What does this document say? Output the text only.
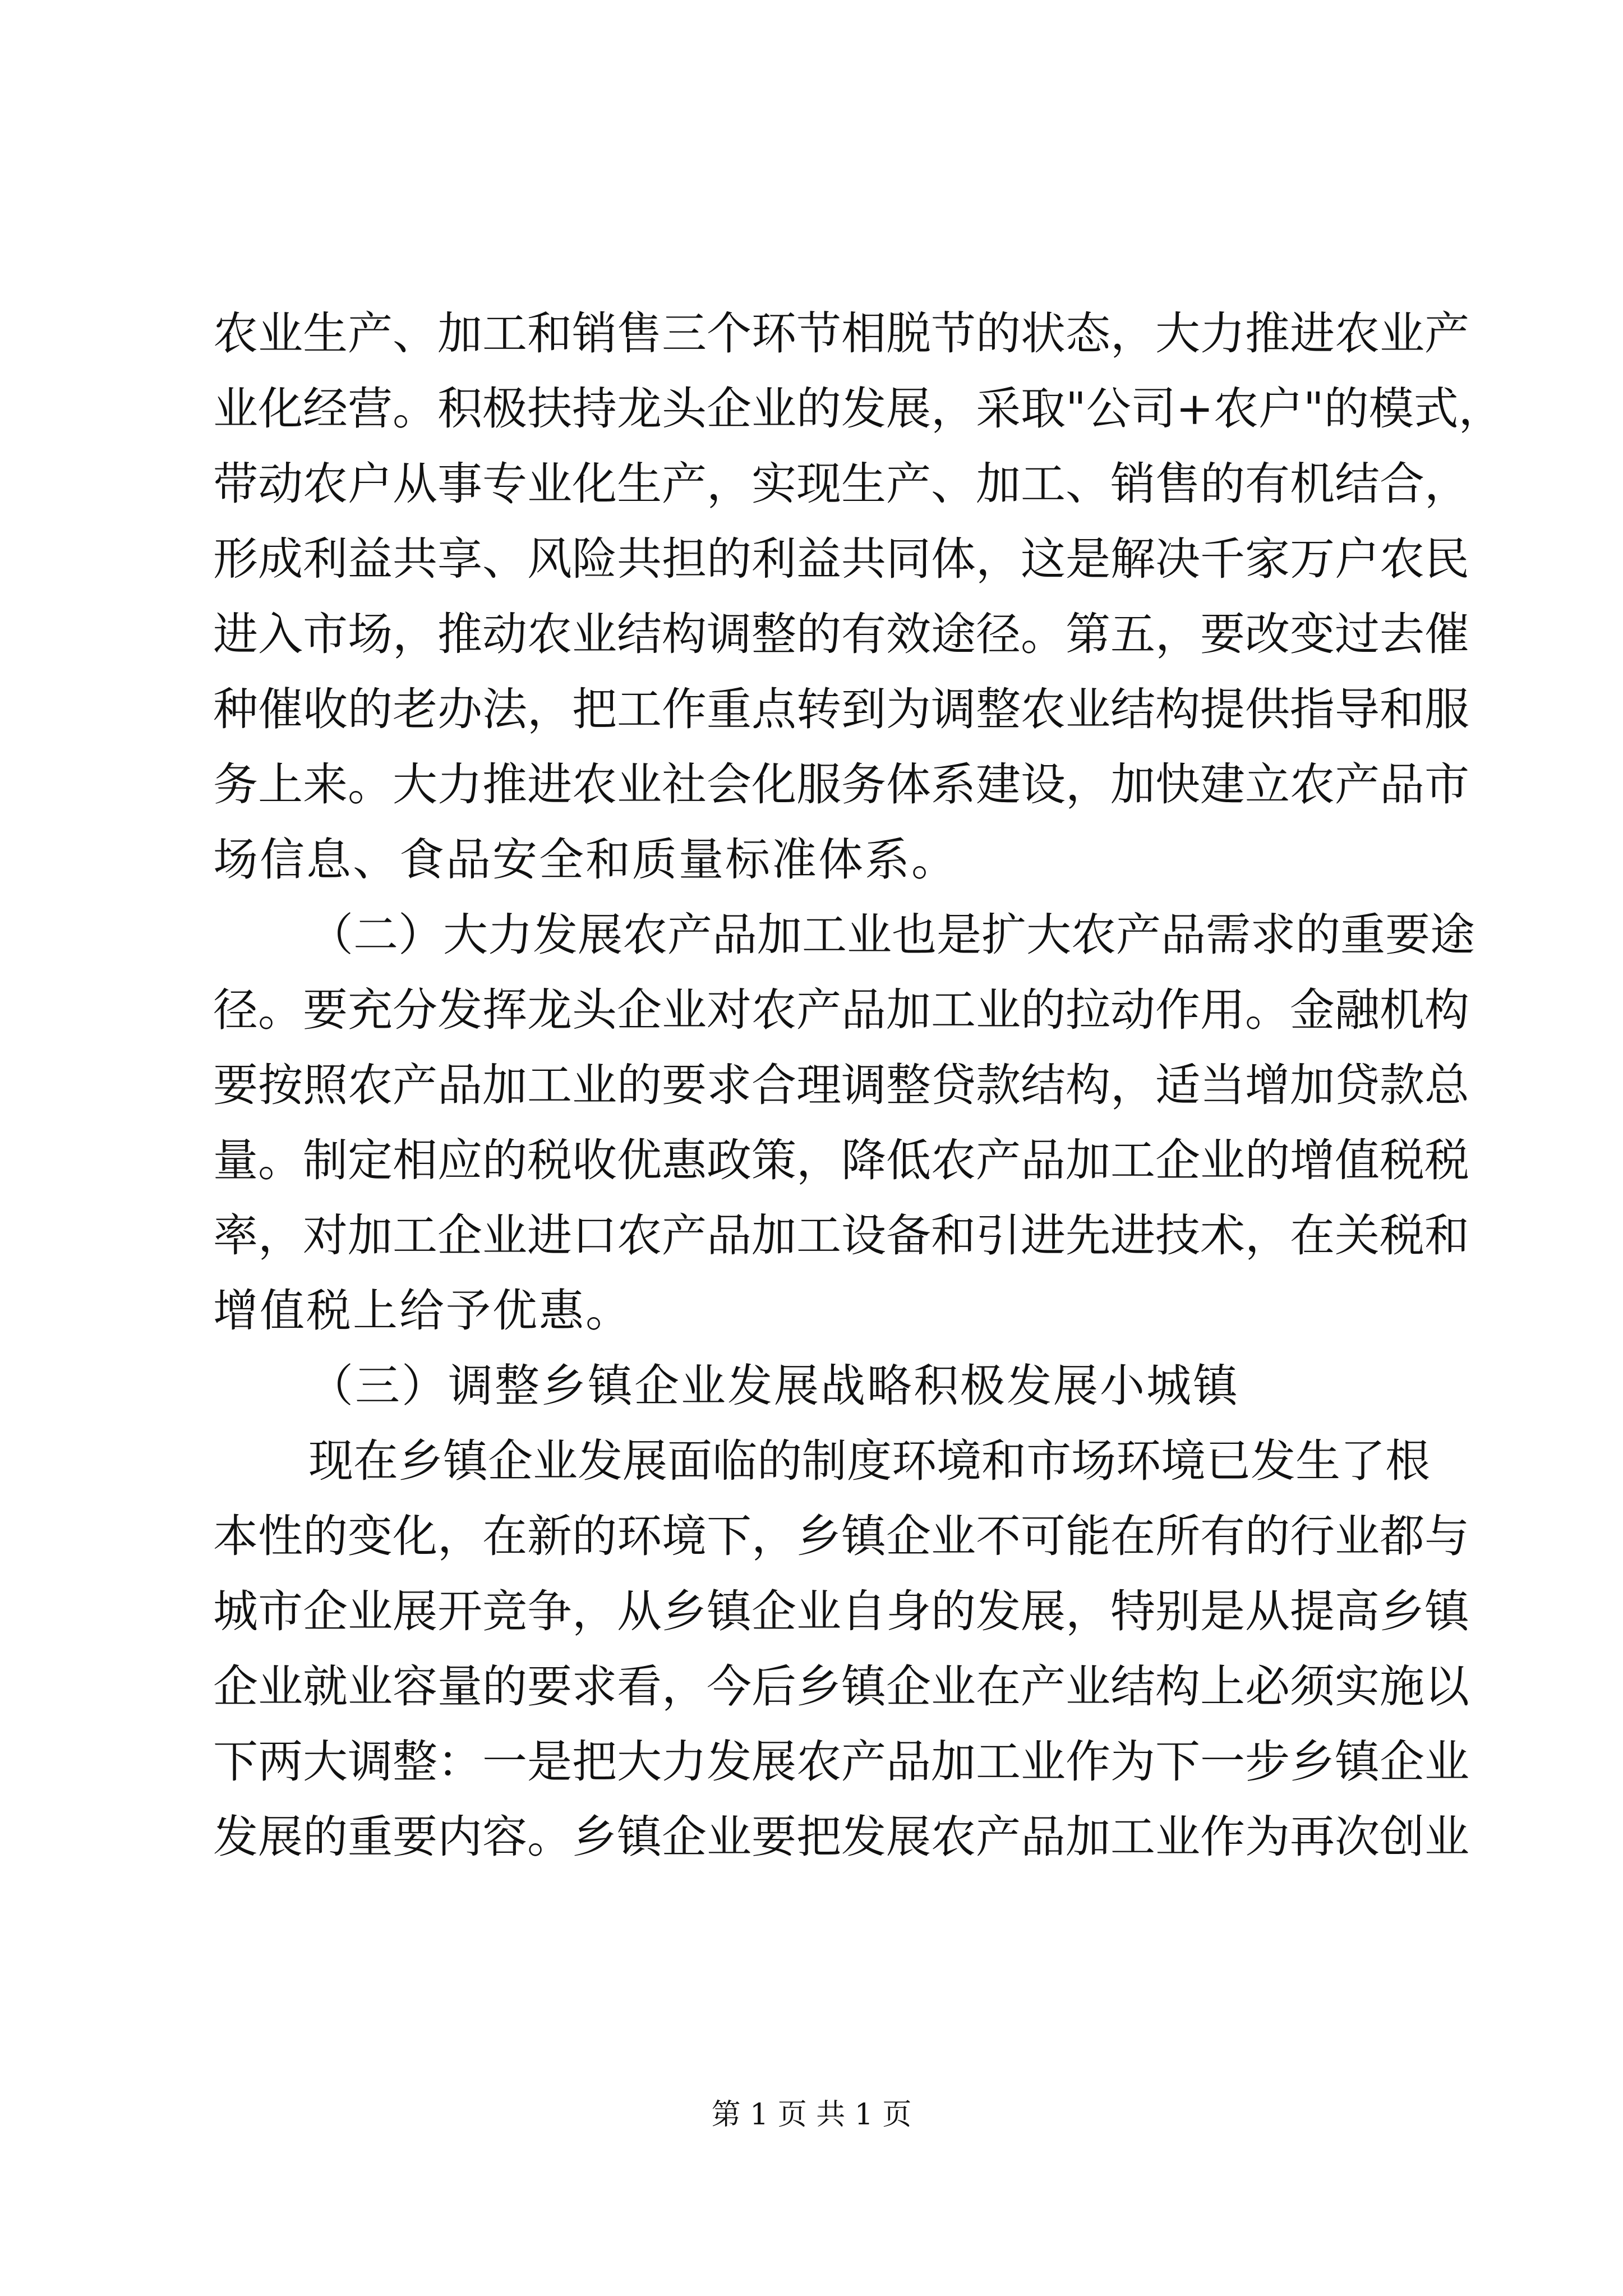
农业生产、加工和销售三个环节相脱节的状态，大力推进农业产
业化经营。积极扶持龙头企业的发展，采取"公司+农户"的模式，
带动农户从事专业化生产，实现生产、加工、销售的有机结合，
形成利益共享、风险共担的利益共同体，这是解决千家万户农民
进入市场，推动农业结构调整的有效途径。第五，要改变过去催
种催收的老办法，把工作重点转到为调整农业结构提供指导和服
务上来。大力推进农业社会化服务体系建设，加快建立农产品市
场信息、食品安全和质量标准体系。
（二）大力发展农产品加工业也是扩大农产品需求的重要途
径。要充分发挥龙头企业对农产品加工业的拉动作用。金融机构
要按照农产品加工业的要求合理调整贷款结构，适当增加贷款总
量。制定相应的税收优惠政策，降低农产品加工企业的增值税税
率，对加工企业进口农产品加工设备和引进先进技术，在关税和
增值税上给予优惠。
（三）调整乡镇企业发展战略积极发展小城镇
现在乡镇企业发展面临的制度环境和市场环境已发生了根
本性的变化，在新的环境下，乡镇企业不可能在所有的行业都与
城市企业展开竞争，从乡镇企业自身的发展，特别是从提高乡镇
企业就业容量的要求看，今后乡镇企业在产业结构上必须实施以
下两大调整：一是把大力发展农产品加工业作为下一步乡镇企业
发展的重要内容。乡镇企业要把发展农产品加工业作为再次创业
第 1 页 共 1 页
